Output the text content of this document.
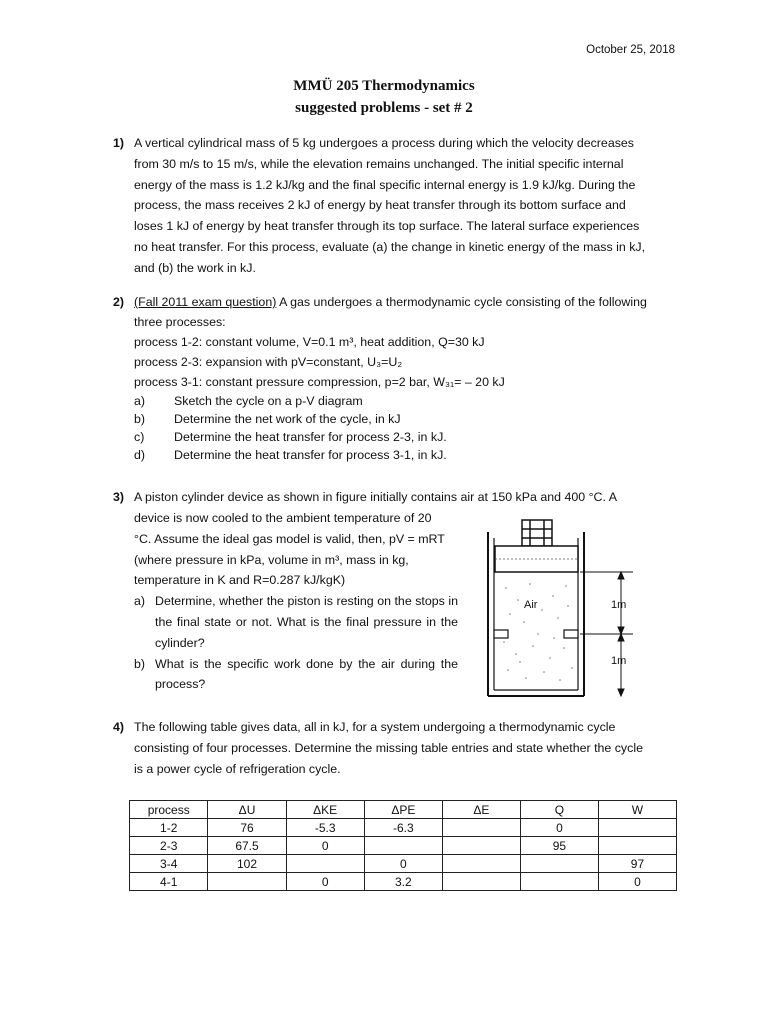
October 25, 2018
MMÜ 205 Thermodynamics
suggested problems - set # 2
1) A vertical cylindrical mass of 5 kg undergoes a process during which the velocity decreases
from 30 m/s to 15 m/s, while the elevation remains unchanged. The initial specific internal
energy of the mass is 1.2 kJ/kg and the final specific internal energy is 1.9 kJ/kg. During the
process, the mass receives 2 kJ of energy by heat transfer through its bottom surface and
loses 1 kJ of energy by heat transfer through its top surface. The lateral surface experiences
no heat transfer. For this process, evaluate (a) the change in kinetic energy of the mass in kJ,
and (b) the work in kJ.
2) (Fall 2011 exam question) A gas undergoes a thermodynamic cycle consisting of the following
three processes:
process 1-2: constant volume, V=0.1 m³, heat addition, Q=30 kJ
process 2-3: expansion with pV=constant, U₃=U₂
process 3-1: constant pressure compression, p=2 bar, W₃₁= – 20 kJ
a) Sketch the cycle on a p-V diagram
b) Determine the net work of the cycle, in kJ
c) Determine the heat transfer for process 2-3, in kJ.
d) Determine the heat transfer for process 3-1, in kJ.
3) A piston cylinder device as shown in figure initially contains air at 150 kPa and 400 °C. A
device is now cooled to the ambient temperature of 20
°C. Assume the ideal gas model is valid, then, pV = mRT
(where pressure in kPa, volume in m³, mass in kg,
temperature in K and R=0.287 kJ/kgK)
a) Determine, whether the piston is resting on the stops in the final state or not. What is the final pressure in the cylinder?
b) What is the specific work done by the air during the process?
Air	1m
1m
4) The following table gives data, all in kJ, for a system undergoing a thermodynamic cycle
consisting of four processes. Determine the missing table entries and state whether the cycle
is a power cycle of refrigeration cycle.
process	ΔU	ΔKE	ΔPE	ΔE	Q	W
1-2	76	-5.3	-6.3		0	
2-3	67.5	0			95	
3-4	102		0			97
4-1		0	3.2			0
